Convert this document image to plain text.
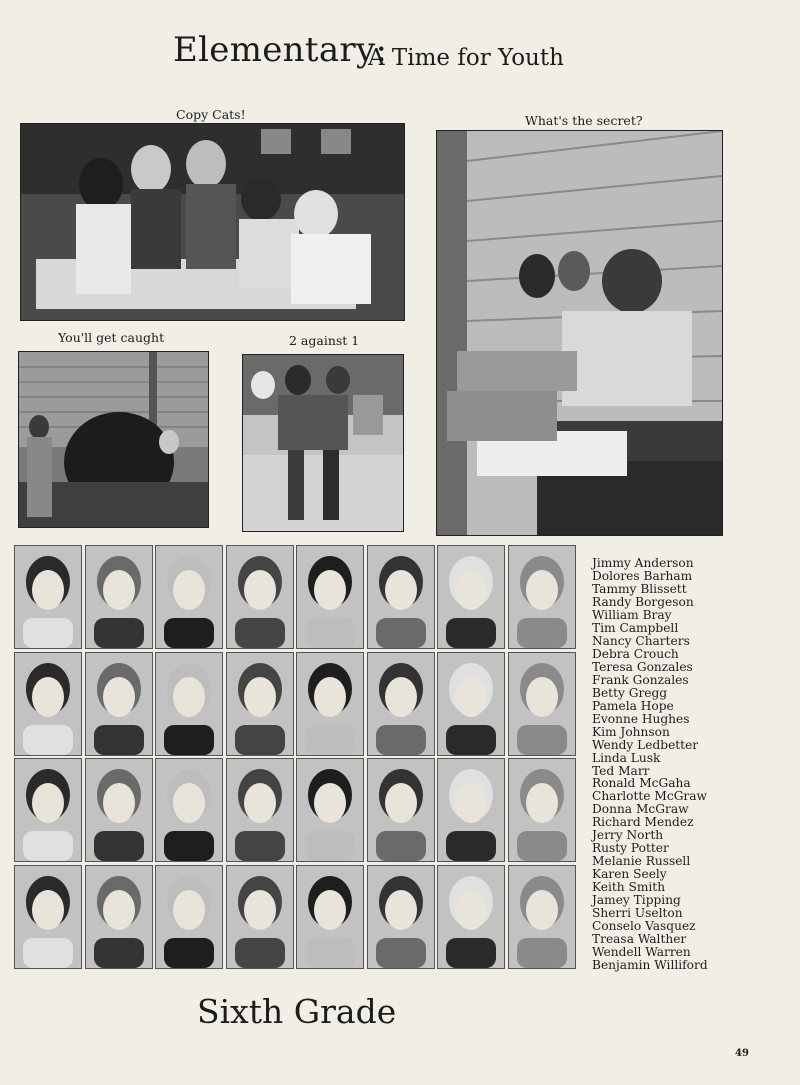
Elementary:
A Time for Youth
Copy Cats!	What's the secret?
You'll get caught	2 against 1
Jimmy Anderson
Dolores Barham
Tammy Blissett
Randy Borgeson
William Bray
Tim Campbell
Nancy Charters
Debra Crouch
Teresa Gonzales
Frank Gonzales
Betty Gregg
Pamela Hope
Evonne Hughes
Kim Johnson
Wendy Ledbetter
Linda Lusk
Ted Marr
Ronald McGaha
Charlotte McGraw
Donna McGraw
Richard Mendez
Jerry North
Rusty Potter
Melanie Russell
Karen Seely
Keith Smith
Jamey Tipping
Sherri Uselton
Conselo Vasquez
Treasa Walther
Wendell Warren
Benjamin Williford
Sixth Grade
49
